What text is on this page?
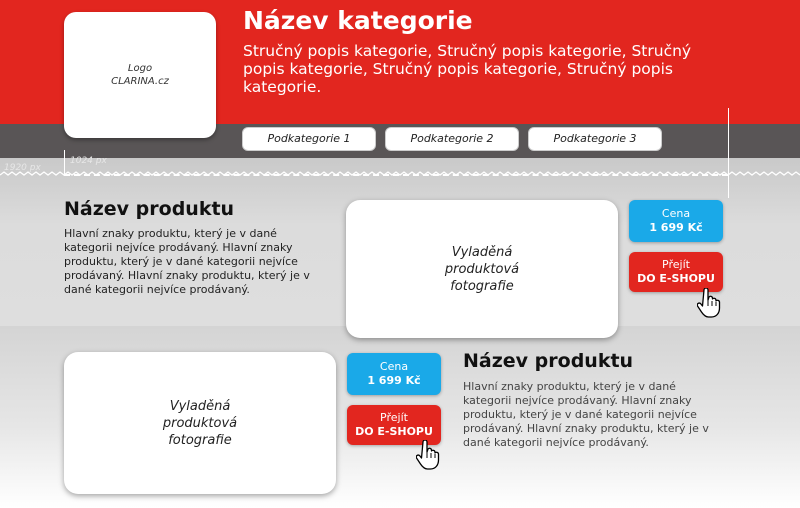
1920 px
1024 px
Logo
CLARINA.cz
Název kategorie

Stručný popis kategorie, Stručný popis kategorie, Stručný popis kategorie, Stručný popis kategorie, Stručný popis kategorie.

Podkategorie 1	Podkategorie 2	Podkategorie 3
Název produktu

Hlavní znaky produktu, který je v dané kategorii nejvíce prodávaný. Hlavní znaky produktu, který je v dané kategorii nejvíce prodávaný. Hlavní znaky produktu, který je v dané kategorii nejvíce prodávaný.

Vyladěná
produktová
fotografie
Cena
1 699 Kč
Přejít
DO E-SHOPU
Vyladěná
produktová
fotografie
Cena
1 699 Kč
Přejít
DO E-SHOPU
Název produktu

Hlavní znaky produktu, který je v dané kategorii nejvíce prodávaný. Hlavní znaky produktu, který je v dané kategorii nejvíce prodávaný. Hlavní znaky produktu, který je v dané kategorii nejvíce prodávaný.
